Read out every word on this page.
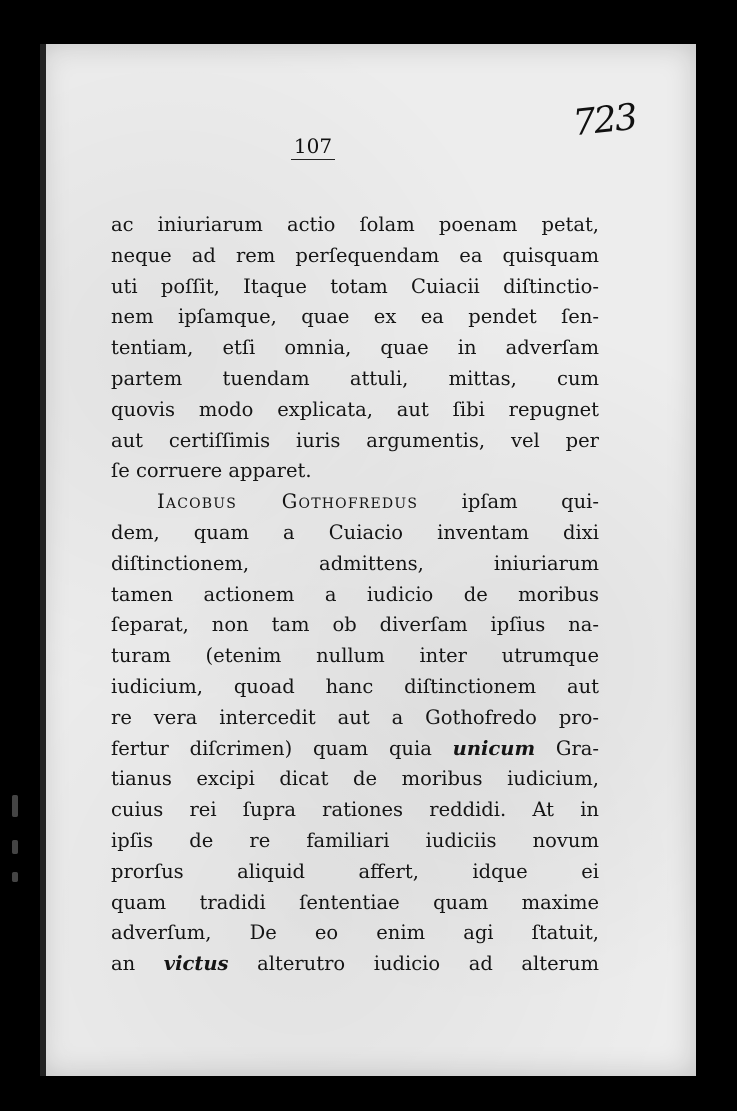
723
107
ac iniuriarum actio ſolam poenam petat,
neque ad rem perſequendam ea quisquam
uti poſſit, Itaque totam Cuiacii diſtinctio-
nem ipſamque, quae ex ea pendet ſen-
tentiam, etſi omnia, quae in adverſam
partem tuendam attuli, mittas, cum
quovis modo explicata, aut ſibi repugnet
aut certiſſimis iuris argumentis, vel per
ſe corruere apparet.
Iacobus Gothofredus ipſam qui-
dem, quam a Cuiacio inventam dixi
diſtinctionem, admittens, iniuriarum
tamen actionem a iudicio de moribus
ſeparat, non tam ob diverſam ipſius na-
turam (etenim nullum inter utrumque
iudicium, quoad hanc diſtinctionem aut
re vera intercedit aut a Gothofredo pro-
fertur diſcrimen) quam quia unicum Gra-
tianus excipi dicat de moribus iudicium,
cuius rei ſupra rationes reddidi. At in
ipſis de re familiari iudiciis novum
prorſus aliquid affert, idque ei
quam tradidi ſententiae quam maxime
adverſum, De eo enim agi ſtatuit,
an victus alterutro iudicio ad alterum
